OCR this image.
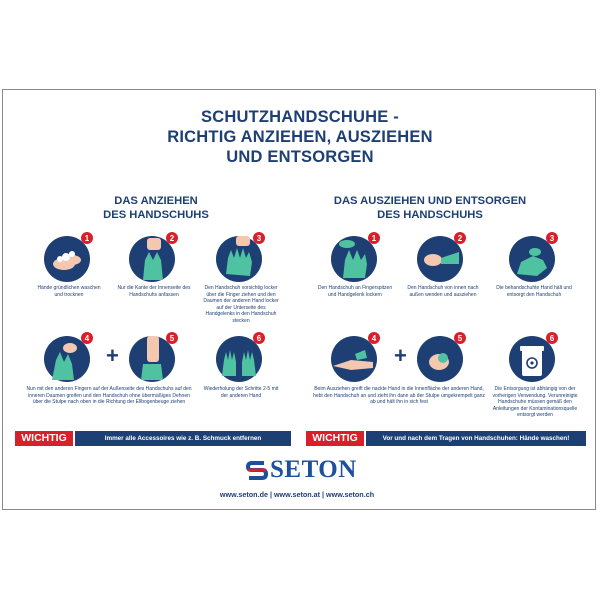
SCHUTZHANDSCHUHE -
RICHTIG ANZIEHEN, AUSZIEHEN
UND ENTSORGEN
DAS ANZIEHEN
DES HANDSCHUHS
DAS AUSZIEHEN UND ENTSORGEN
DES HANDSCHUHS
1	2	3
Hände gründlichen waschen und trocknen
Nur die Kante der Innenseite des Handschuhs anfassen
Den Handschuh vorsichtig locker über die Finger ziehen und den Daumen der anderen Hand locker auf der Unterseite des Handgelenks in den Handschuh stecken
4
+
5	6
Nun mit den anderen Fingern auf der Außenseite des Handschuhs auf den inneren Daumen greifen und den Handschuh ohne übermäßiges Dehnen über die Stulpe nach oben in die Richtung der Ellbogenbeuge ziehen
Wiederholung der Schritte 2-5 mit der anderen Hand
1	2	3
Den Handschuh an Fingerspitzen und Handgelenk lockern
Den Handschuh von innen nach außen wenden und ausziehen
Die behandschuhte Hand hält und entsorgt den Handschuh
4
+
5	6
Beim Ausziehen greift die nackte Hand in die Innenfläche der anderen Hand, hebt den Handschuh an und zieht ihn dann ab der Stulpe umgekrempelt ganz ab und hält ihn in sich fest
Die Entsorgung ist abhängig von der vorherigen Verwendung. Verunreinigte Handschuhe müssen gemäß den Anleitungen der Kontaminationsquelle entsorgt werden
WICHTIG	Immer alle Accessoires wie z. B. Schmuck entfernen	WICHTIG	Vor und nach dem Tragen von Handschuhen: Hände waschen!
SETON
www.seton.de | www.seton.at | www.seton.ch
